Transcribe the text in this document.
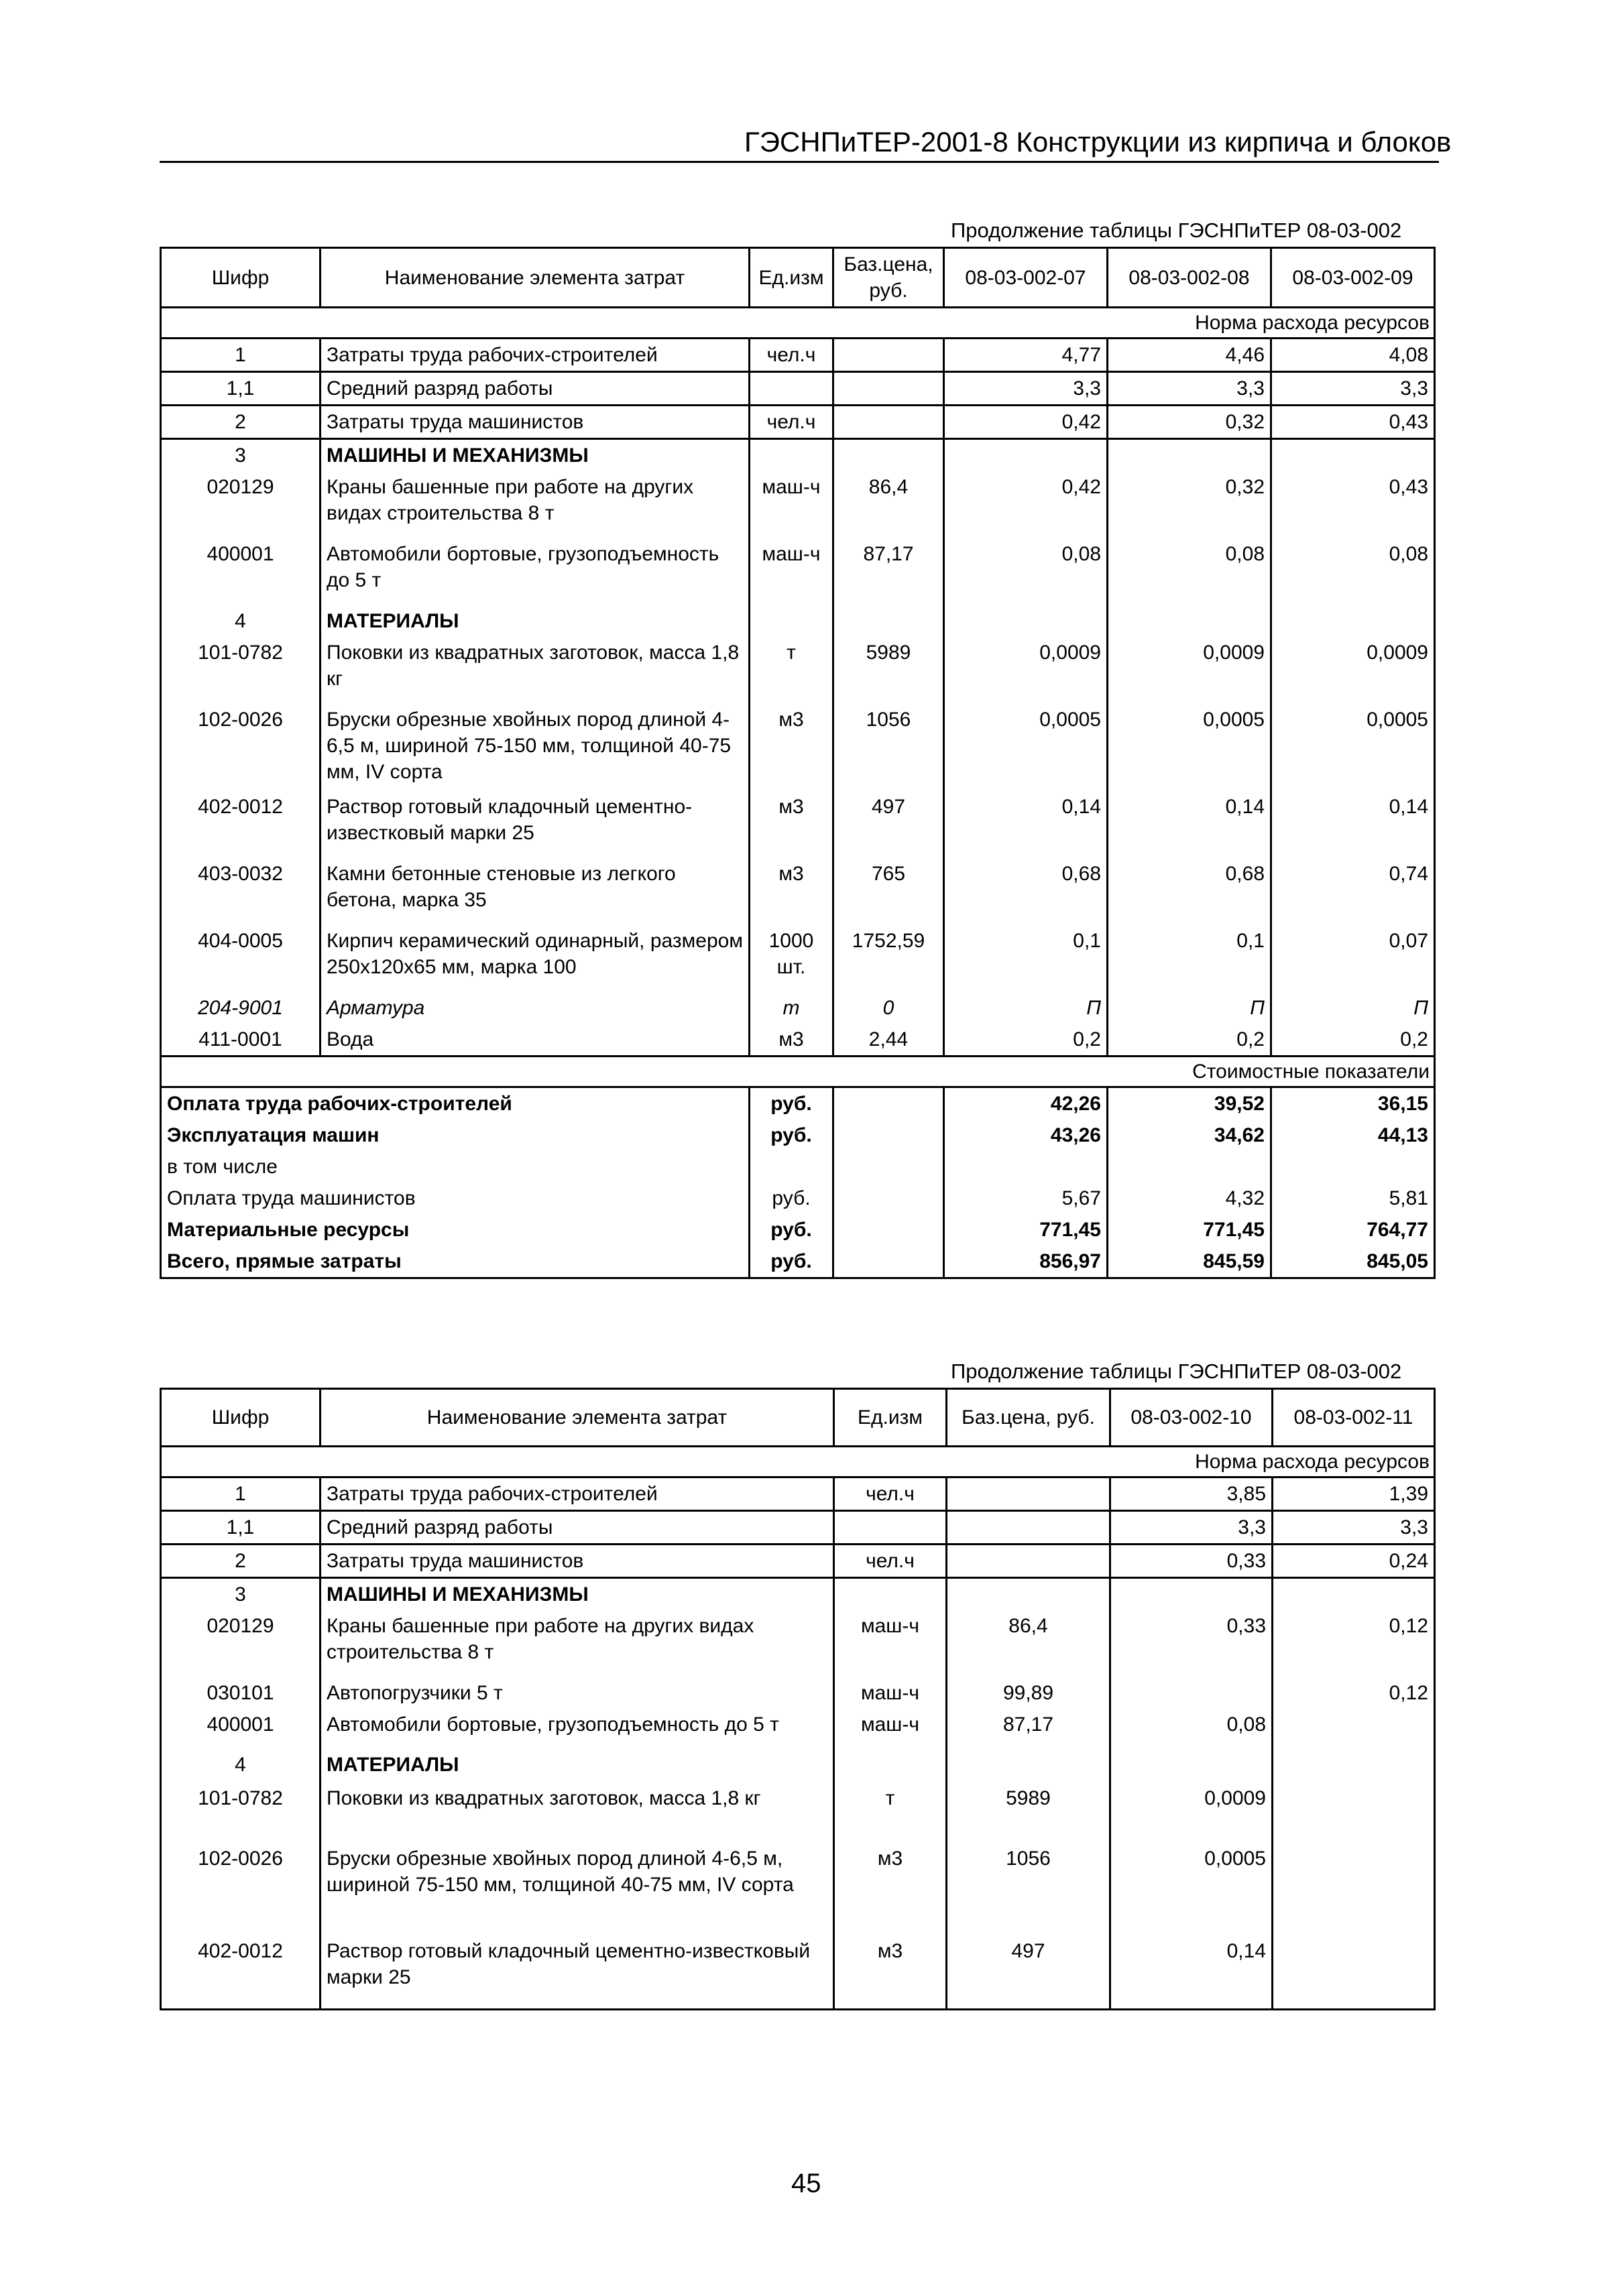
ГЭСНПиТЕР-2001-8 Конструкции из кирпича и блоков
Продолжение таблицы ГЭСНПиТЕР 08-03-002
Шифр	Наименование элемента затрат	Ед.изм	Баз.цена, руб.	08-03-002-07	08-03-002-08	08-03-002-09
Норма расхода ресурсов						
1	Затраты труда рабочих-строителей	чел.ч		4,77	4,46	4,08
1,1	Средний разряд работы			3,3	3,3	3,3
2	Затраты труда машинистов	чел.ч		0,42	0,32	0,43
3	МАШИНЫ И МЕХАНИЗМЫ					
020129	Краны башенные при работе на других видах строительства 8 т	маш-ч	86,4	0,42	0,32	0,43
400001	Автомобили бортовые, грузоподъемность до 5 т	маш-ч	87,17	0,08	0,08	0,08
4	МАТЕРИАЛЫ					
101-0782	Поковки из квадратных заготовок, масса 1,8 кг	т	5989	0,0009	0,0009	0,0009
102-0026	Бруски обрезные хвойных пород длиной 4-6,5 м, шириной 75-150 мм, толщиной 40-75 мм, IV сорта	м3	1056	0,0005	0,0005	0,0005
402-0012	Раствор готовый кладочный цементно-известковый марки 25	м3	497	0,14	0,14	0,14
403-0032	Камни бетонные стеновые из легкого бетона, марка 35	м3	765	0,68	0,68	0,74
404-0005	Кирпич керамический одинарный, размером 250х120х65 мм, марка 100	1000 шт.	1752,59	0,1	0,1	0,07
204-9001	Арматура	т	0	П	П	П
411-0001	Вода	м3	2,44	0,2	0,2	0,2
Стоимостные показатели						
Оплата труда рабочих-строителей		руб.		42,26	39,52	36,15
Эксплуатация машин		руб.		43,26	34,62	44,13
в том числе						
Оплата труда машинистов		руб.		5,67	4,32	5,81
Материальные ресурсы		руб.		771,45	771,45	764,77
Всего, прямые затраты		руб.		856,97	845,59	845,05
Продолжение таблицы ГЭСНПиТЕР 08-03-002
Шифр	Наименование элемента затрат	Ед.изм	Баз.цена, руб.	08-03-002-10	08-03-002-11
Норма расхода ресурсов					
1	Затраты труда рабочих-строителей	чел.ч		3,85	1,39
1,1	Средний разряд работы			3,3	3,3
2	Затраты труда машинистов	чел.ч		0,33	0,24
3	МАШИНЫ И МЕХАНИЗМЫ				
020129	Краны башенные при работе на других видах строительства 8 т	маш-ч	86,4	0,33	0,12
030101	Автопогрузчики 5 т	маш-ч	99,89		0,12
400001	Автомобили бортовые, грузоподъемность до 5 т	маш-ч	87,17	0,08	
4	МАТЕРИАЛЫ				
101-0782	Поковки из квадратных заготовок, масса 1,8 кг	т	5989	0,0009	
102-0026	Бруски обрезные хвойных пород длиной 4-6,5 м, шириной 75-150 мм, толщиной 40-75 мм, IV сорта	м3	1056	0,0005	
402-0012	Раствор готовый кладочный цементно-известковый марки 25	м3	497	0,14	
45
